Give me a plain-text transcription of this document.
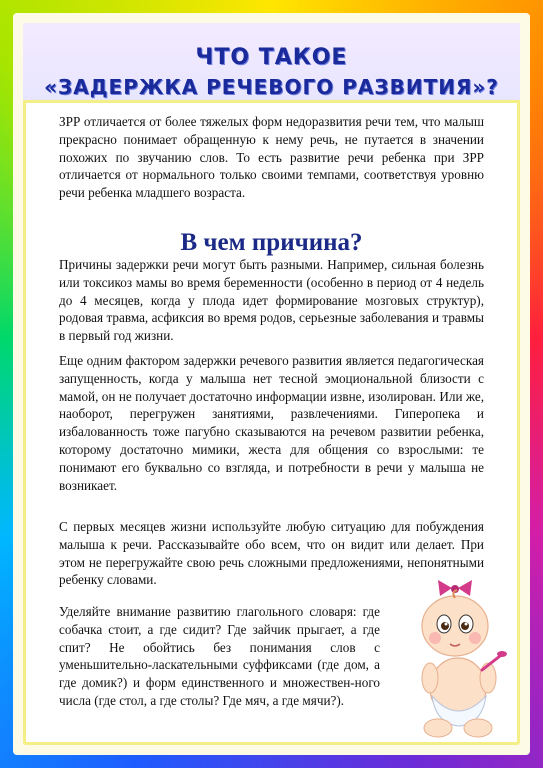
ЧТО ТАКОЕ
«ЗАДЕРЖКА РЕЧЕВОГО РАЗВИТИЯ»?

ЗРР отличается от более тяжелых форм недоразвития речи тем, что малыш прекрасно понимает обращенную к нему речь, не путается в значении похожих по звучанию слов. То есть развитие речи ребенка при ЗРР отличается от нормального только своими темпами, соответствуя уровню речи ребенка младшего возраста.

В чем причина?

Причины задержки речи могут быть разными. Например, сильная болезнь или токсикоз мамы во время беременности (особенно в период от 4 недель до 4 месяцев, когда у плода идет формирование мозговых структур), родовая травма, асфиксия во время родов, серьезные заболевания и травмы в первый год жизни.

Еще одним фактором задержки речевого развития является педагогическая запущенность, когда у малыша нет тесной эмоциональной близости с мамой, он не получает достаточно информации извне, изолирован. Или же, наоборот, перегружен занятиями, развлечениями. Гиперопека и избалованность тоже пагубно сказываются на речевом развитии ребенка, которому достаточно мимики, жеста для общения со взрослыми: те понимают его буквально со взгляда, и потребности в речи у малыша не возникает.

С первых месяцев жизни используйте любую ситуацию для побуждения малыша к речи. Рассказывайте обо всем, что он видит или делает. При этом не перегружайте свою речь сложными предложениями, непонятными ребенку словами.

Уделяйте внимание развитию глагольного словаря: где собачка стоит, а где сидит? Где зайчик прыгает, а где спит? Не обойтись без понимания слов с уменьшительно-ласкательными суффиксами (где дом, а где домик?) и форм единственного и множествен-ного числа (где стол, а где столы? Где мяч, а где мячи?).
